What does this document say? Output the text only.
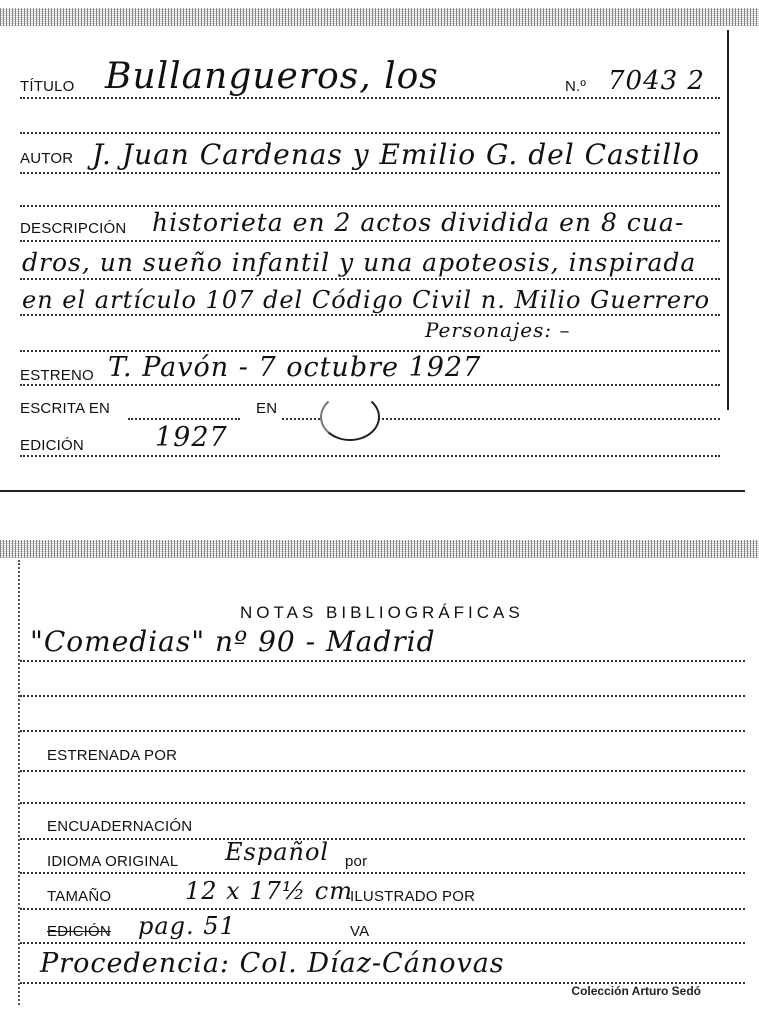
TÍTULO Bullangueros, los	N.º 7043 2
AUTOR J. Juan Cardenas y Emilio G. del Castillo
DESCRIPCIÓN historieta en 2 actos dividida en 8 cua-
dros, un sueño infantil y una apoteosis, inspirada
en el artículo 107 del Código Civil n. Milio Guerrero
Personajes: –
ESTRENO T. Pavón - 7 octubre 1927
ESCRITA EN	EN
EDICIÓN	1927
NOTAS BIBLIOGRÁFICAS
"Comedias" nº 90 - Madrid
ESTRENADA POR
ENCUADERNACIÓN
IDIOMA ORIGINAL Español por
TAMAÑO	12 x 17½ cm
ILUSTRADO POR
EDICIÓN pag. 51	VA
Procedencia: Col. Díaz-Cánovas
Colección Arturo Sedó
